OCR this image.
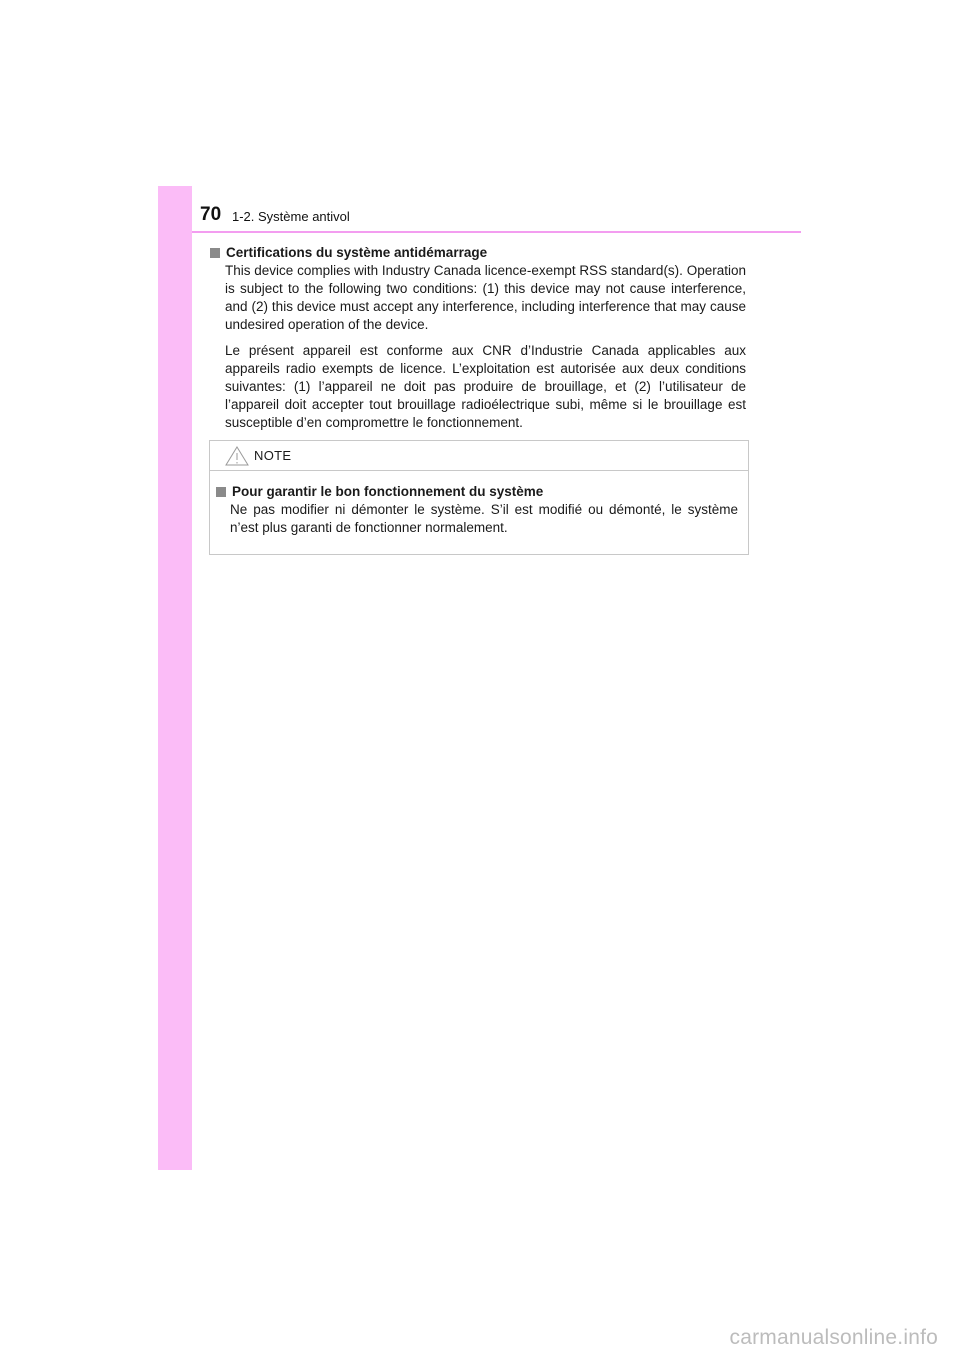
70 1-2. Système antivol
Certifications du système antidémarrage

This device complies with Industry Canada licence-exempt RSS standard(s). Operation is subject to the following two conditions: (1) this device may not cause interference, and (2) this device must accept any interference, including interference that may cause undesired operation of the device.

Le présent appareil est conforme aux CNR d’Industrie Canada applicables aux appareils radio exempts de licence. L’exploitation est autorisée aux deux conditions suivantes: (1) l’appareil ne doit pas produire de brouillage, et (2) l’utilisateur de l’appareil doit accepter tout brouillage radioélectrique subi, même si le brouillage est susceptible d’en compromettre le fonctionnement.

NOTE
Pour garantir le bon fonctionnement du système

Ne pas modifier ni démonter le système. S’il est modifié ou démonté, le système n’est plus garanti de fonctionner normalement.

carmanualsonline.info
